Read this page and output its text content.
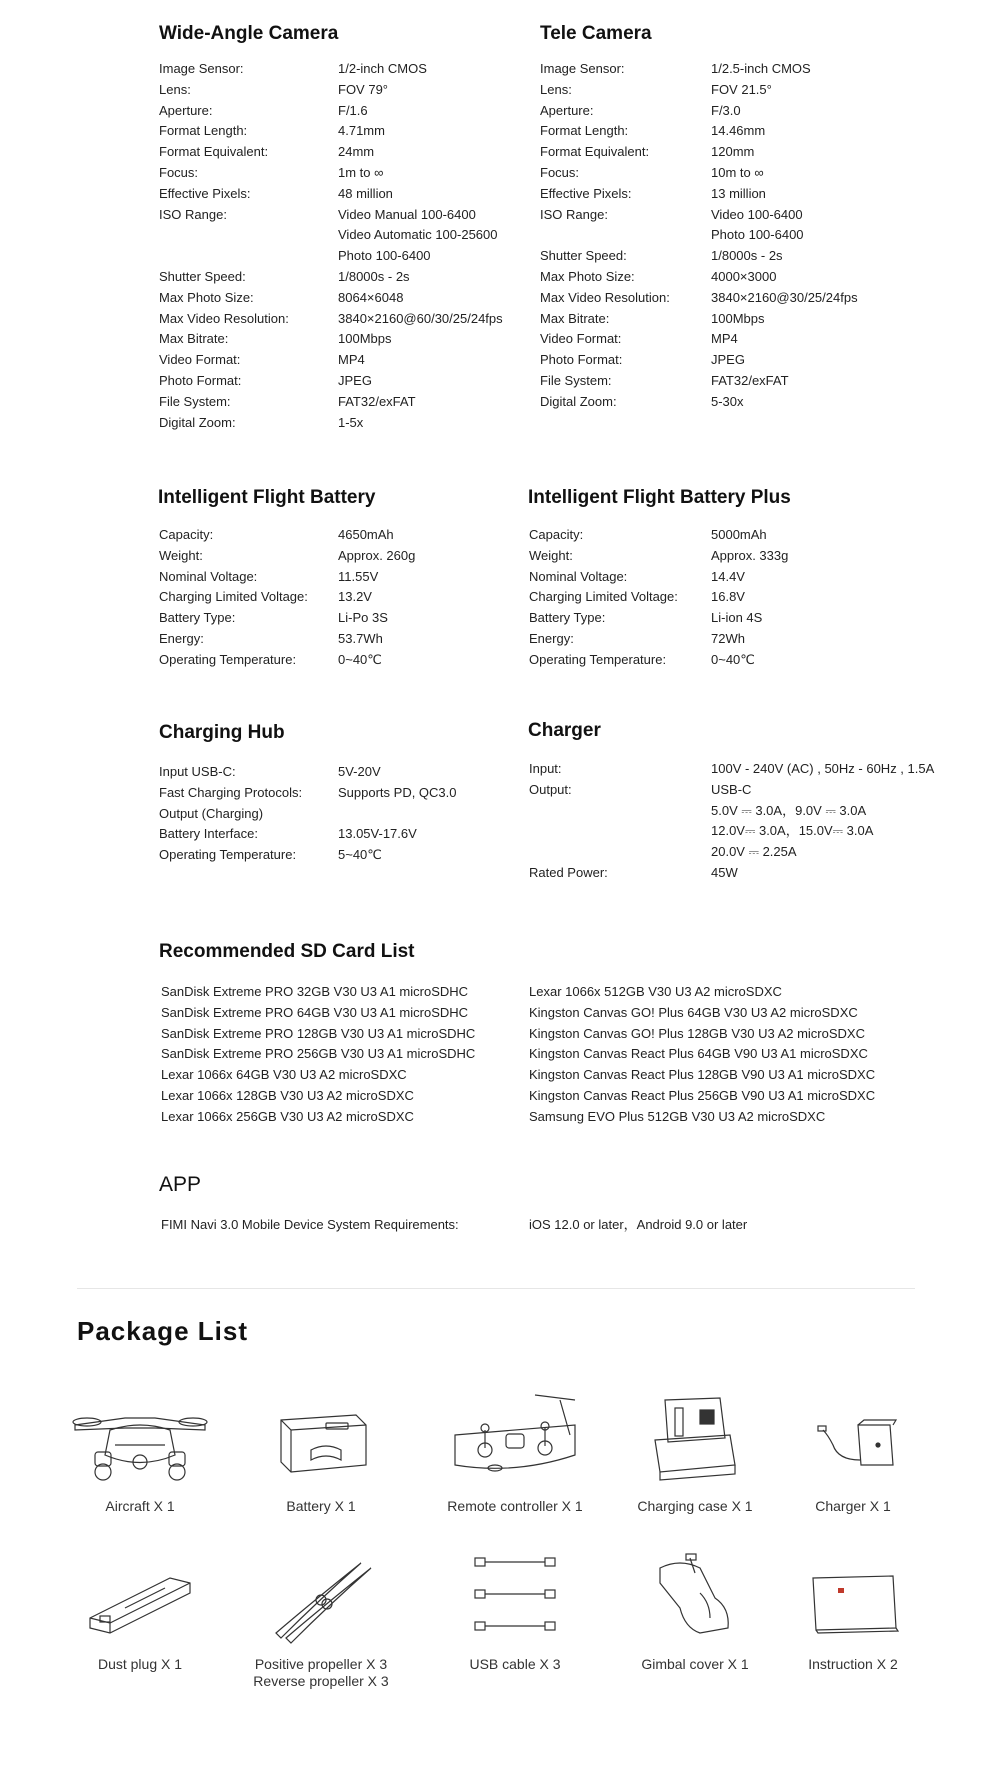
Wide-Angle Camera
Image Sensor:	1/2-inch CMOS
Lens:	FOV 79°
Aperture:	F/1.6
Format Length:	4.71mm
Format Equivalent:	24mm
Focus:	1m to ∞
Effective Pixels:	48 million
ISO Range:	Video Manual 100-6400
Video Automatic 100-25600
Photo 100-6400
Shutter Speed:	1/8000s - 2s
Max Photo Size:	8064×6048
Max Video Resolution:	3840×2160@60/30/25/24fps
Max Bitrate:	100Mbps
Video Format:	MP4
Photo Format:	JPEG
File System:	FAT32/exFAT
Digital Zoom:	1-5x
Tele Camera
Image Sensor:	1/2.5-inch CMOS
Lens:	FOV 21.5°
Aperture:	F/3.0
Format Length:	14.46mm
Format Equivalent:	120mm
Focus:	10m to ∞
Effective Pixels:	13 million
ISO Range:	Video 100-6400
Photo 100-6400
Shutter Speed:	1/8000s - 2s
Max Photo Size:	4000×3000
Max Video Resolution:	3840×2160@30/25/24fps
Max Bitrate:	100Mbps
Video Format:	MP4
Photo Format:	JPEG
File System:	FAT32/exFAT
Digital Zoom:	5-30x
Intelligent Flight Battery
Capacity:	4650mAh
Weight:	Approx. 260g
Nominal Voltage:	11.55V
Charging Limited Voltage: 13.2V
Battery Type:	Li-Po 3S
Energy:	53.7Wh
Operating Temperature:	0~40℃
Intelligent Flight Battery Plus
Capacity:	5000mAh
Weight:	Approx. 333g
Nominal Voltage:	14.4V
Charging Limited Voltage:	16.8V
Battery Type:	Li-ion 4S
Energy:	72Wh
Operating Temperature:	0~40℃
Charging Hub
Input USB-C:	5V-20V
Fast Charging Protocols:	Supports PD, QC3.0
Output (Charging)
Battery Interface:	13.05V-17.6V
Operating Temperature:	5~40℃
Charger
Input:	100V - 240V (AC) , 50Hz - 60Hz , 1.5A
Output:	USB-C
5.0V ⎓ 3.0A，9.0V ⎓ 3.0A
12.0V⎓ 3.0A，15.0V⎓ 3.0A
20.0V ⎓ 2.25A
Rated Power:	45W
Recommended SD Card List
SanDisk Extreme PRO 32GB V30 U3 A1 microSDHC
SanDisk Extreme PRO 64GB V30 U3 A1 microSDHC
SanDisk Extreme PRO 128GB V30 U3 A1 microSDHC
SanDisk Extreme PRO 256GB V30 U3 A1 microSDHC
Lexar 1066x 64GB V30 U3 A2 microSDXC
Lexar 1066x 128GB V30 U3 A2 microSDXC
Lexar 1066x 256GB V30 U3 A2 microSDXC
Lexar 1066x 512GB V30 U3 A2 microSDXC
Kingston Canvas GO! Plus 64GB V30 U3 A2 microSDXC
Kingston Canvas GO! Plus 128GB V30 U3 A2 microSDXC
Kingston Canvas React Plus 64GB V90 U3 A1 microSDXC
Kingston Canvas React Plus 128GB V90 U3 A1 microSDXC
Kingston Canvas React Plus 256GB V90 U3 A1 microSDXC
Samsung EVO Plus 512GB V30 U3 A2 microSDXC
APP
FIMI Navi 3.0 Mobile Device System Requirements:	iOS 12.0 or later，Android 9.0 or later
Package List
Aircraft X 1	Battery X 1	Remote controller X 1	Charging case X 1	Charger X 1
Dust plug X 1	Positive propeller X 3
Reverse propeller X 3
USB cable X 3	Gimbal cover X 1	Instruction X 2
